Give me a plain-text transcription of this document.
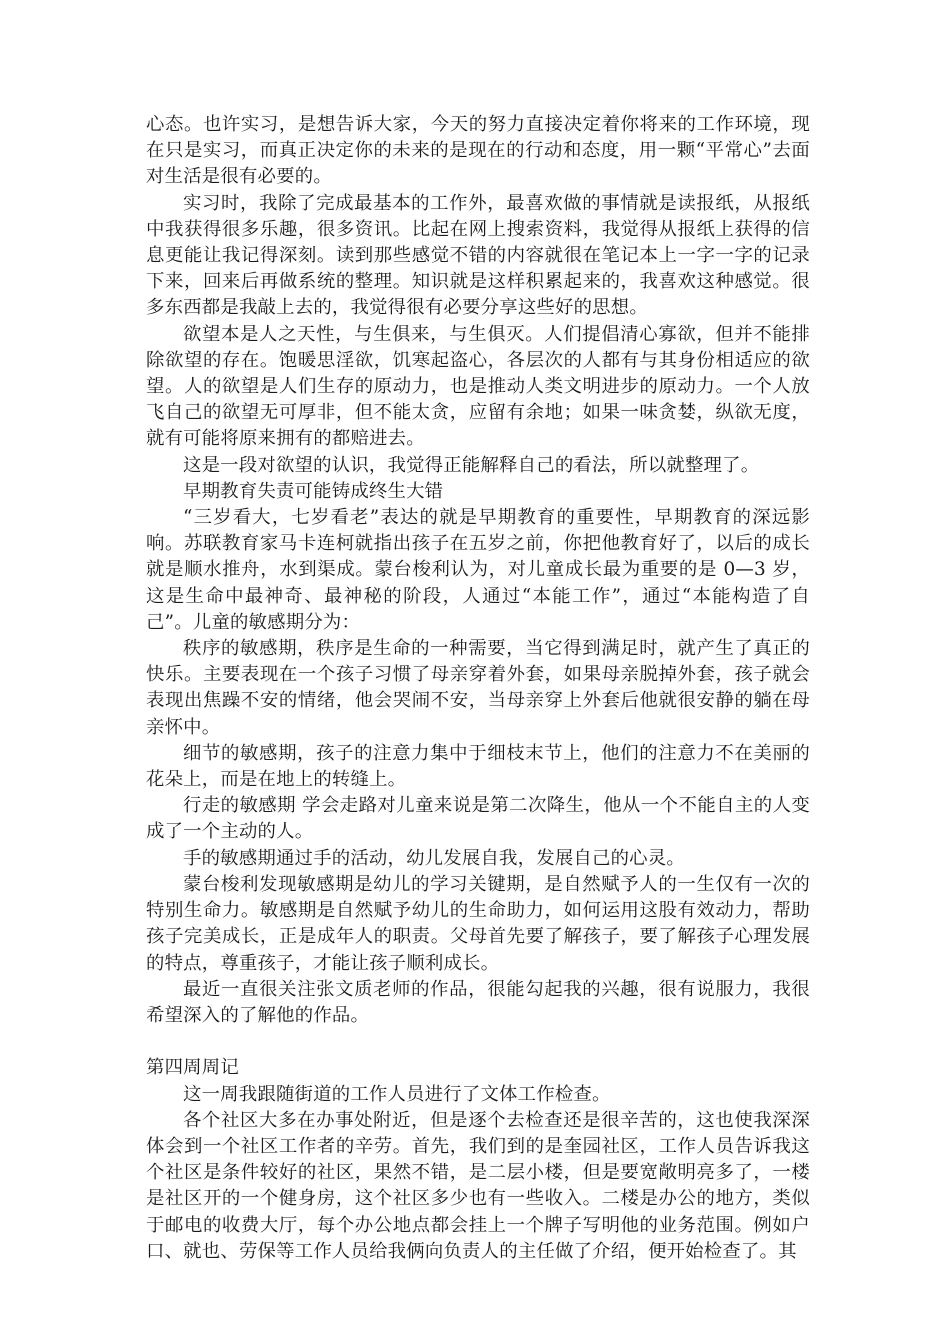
心态。也许实习，是想告诉大家，今天的努力直接决定着你将来的工作环境，现在只是实习，而真正决定你的未来的是现在的行动和态度，用一颗“平常心”去面对生活是很有必要的。

实习时，我除了完成最基本的工作外，最喜欢做的事情就是读报纸，从报纸中我获得很多乐趣，很多资讯。比起在网上搜索资料，我觉得从报纸上获得的信息更能让我记得深刻。读到那些感觉不错的内容就很在笔记本上一字一字的记录下来，回来后再做系统的整理。知识就是这样积累起来的，我喜欢这种感觉。很多东西都是我敲上去的，我觉得很有必要分享这些好的思想。

欲望本是人之天性，与生俱来，与生俱灭。人们提倡清心寡欲，但并不能排除欲望的存在。饱暖思淫欲，饥寒起盗心，各层次的人都有与其身份相适应的欲望。人的欲望是人们生存的原动力，也是推动人类文明进步的原动力。一个人放飞自己的欲望无可厚非，但不能太贪，应留有余地；如果一味贪婪，纵欲无度，就有可能将原来拥有的都赔进去。

这是一段对欲望的认识，我觉得正能解释自己的看法，所以就整理了。

早期教育失责可能铸成终生大错

“三岁看大，七岁看老”表达的就是早期教育的重要性，早期教育的深远影响。苏联教育家马卡连柯就指出孩子在五岁之前，你把他教育好了，以后的成长就是顺水推舟，水到渠成。蒙台梭利认为，对儿童成长最为重要的是 0—3 岁，这是生命中最神奇、最神秘的阶段，人通过“本能工作”，通过“本能构造了自己”。儿童的敏感期分为：

秩序的敏感期，秩序是生命的一种需要，当它得到满足时，就产生了真正的快乐。主要表现在一个孩子习惯了母亲穿着外套，如果母亲脱掉外套，孩子就会表现出焦躁不安的情绪，他会哭闹不安，当母亲穿上外套后他就很安静的躺在母亲怀中。

细节的敏感期，孩子的注意力集中于细枝末节上，他们的注意力不在美丽的花朵上，而是在地上的转缝上。

行走的敏感期 学会走路对儿童来说是第二次降生，他从一个不能自主的人变成了一个主动的人。

手的敏感期通过手的活动，幼儿发展自我，发展自己的心灵。

蒙台梭利发现敏感期是幼儿的学习关键期，是自然赋予人的一生仅有一次的特别生命力。敏感期是自然赋予幼儿的生命助力，如何运用这股有效动力，帮助孩子完美成长，正是成年人的职责。父母首先要了解孩子，要了解孩子心理发展的特点，尊重孩子，才能让孩子顺利成长。

最近一直很关注张文质老师的作品，很能勾起我的兴趣，很有说服力，我很希望深入的了解他的作品。

第四周周记

这一周我跟随街道的工作人员进行了文体工作检查。

各个社区大多在办事处附近，但是逐个去检查还是很辛苦的，这也使我深深体会到一个社区工作者的辛劳。首先，我们到的是奎园社区，工作人员告诉我这个社区是条件较好的社区，果然不错，是二层小楼，但是要宽敞明亮多了，一楼是社区开的一个健身房，这个社区多少也有一些收入。二楼是办公的地方，类似于邮电的收费大厅，每个办公地点都会挂上一个牌子写明他的业务范围。例如户口、就也、劳保等工作人员给我俩向负责人的主任做了介绍，便开始检查了。其
